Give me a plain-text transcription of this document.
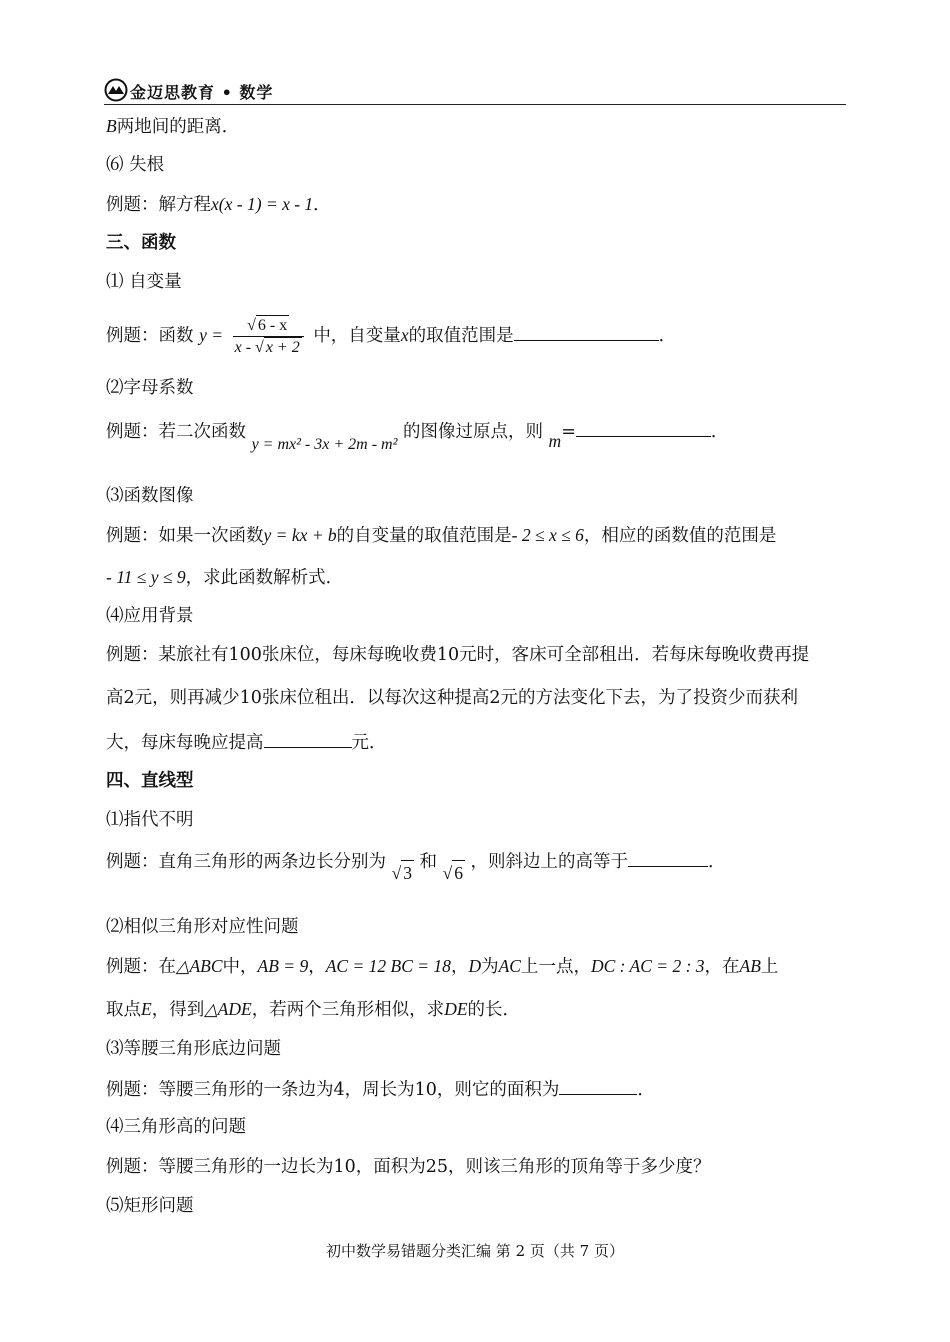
金迈思教育 • 数学
B两地间的距离．
⑹ 失根
例题：解方程x(x - 1) = x - 1．
三、函数
⑴ 自变量
例题：函数 $y = \frac{√ 6 - x}{x - √ x + 2}$ 中，自变量x的取值范围是	．
⑵字母系数
例题：若二次函数 y = mx² - 3x + 2m - m² 的图像过原点，则 m=	．
⑶函数图像
例题：如果一次函数y = kx + b的自变量的取值范围是- 2 ≤ x ≤ 6，相应的函数值的范围是
- 11 ≤ y ≤ 9，求此函数解析式．
⑷应用背景
例题：某旅社有100张床位，每床每晚收费10元时，客床可全部租出．若每床每晚收费再提
高2元，则再减少10张床位租出．以每次这种提高2元的方法变化下去，为了投资少而获利
大，每床每晚应提高	元．
四、直线型
⑴指代不明
例题：直角三角形的两条边长分别为 √ 3 和 √ 6 ，则斜边上的高等于	．
⑵相似三角形对应性问题
例题：在△ABC中，AB = 9，AC = 12 BC = 18，D为AC上一点，DC : AC = 2 : 3，在AB上
取点E，得到△ADE，若两个三角形相似，求DE的长．
⑶等腰三角形底边问题
例题：等腰三角形的一条边为4，周长为10，则它的面积为	．
⑷三角形高的问题
例题：等腰三角形的一边长为10，面积为25，则该三角形的顶角等于多少度？
⑸矩形问题
初中数学易错题分类汇编 第 2 页（共 7 页）
